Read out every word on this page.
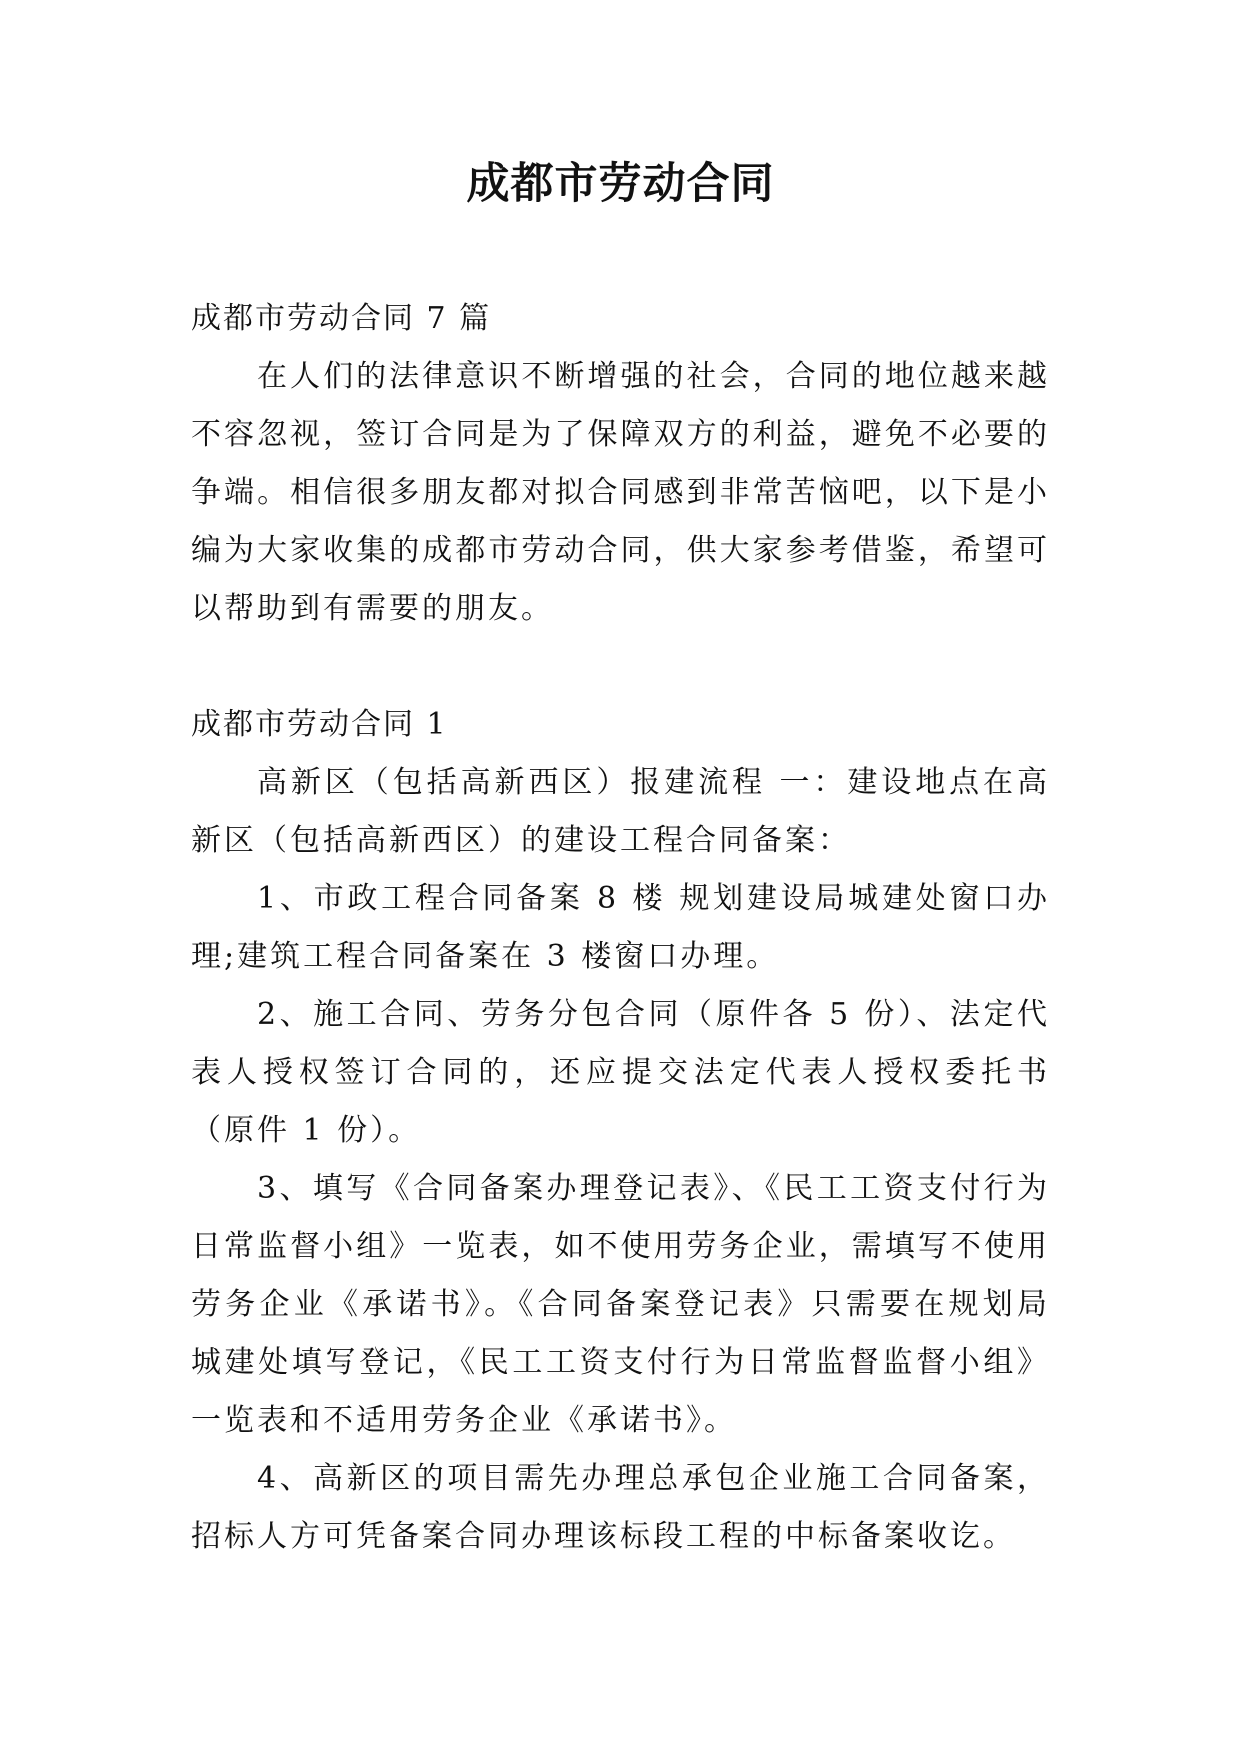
成都市劳动合同

成都市劳动合同 7 篇

在人们的法律意识不断增强的社会，合同的地位越来越不容忽视，签订合同是为了保障双方的利益，避免不必要的争端。相信很多朋友都对拟合同感到非常苦恼吧，以下是小编为大家收集的成都市劳动合同，供大家参考借鉴，希望可以帮助到有需要的朋友。

成都市劳动合同 1

高新区（包括高新西区）报建流程 一：建设地点在高新区（包括高新西区）的建设工程合同备案：

1、市政工程合同备案 8 楼 规划建设局城建处窗口办理;建筑工程合同备案在 3 楼窗口办理。

2、施工合同、劳务分包合同（原件各 5 份）、法定代表人授权签订合同的，还应提交法定代表人授权委托书 （原件 1 份）。

3、填写《合同备案办理登记表》、《民工工资支付行为日常监督小组》一览表，如不使用劳务企业，需填写不使用劳务企业《承诺书》。《合同备案登记表》只需要在规划局城建处填写登记，《民工工资支付行为日常监督监督小组》一览表和不适用劳务企业《承诺书》。

4、高新区的项目需先办理总承包企业施工合同备案，招标人方可凭备案合同办理该标段工程的中标备案收讫。
